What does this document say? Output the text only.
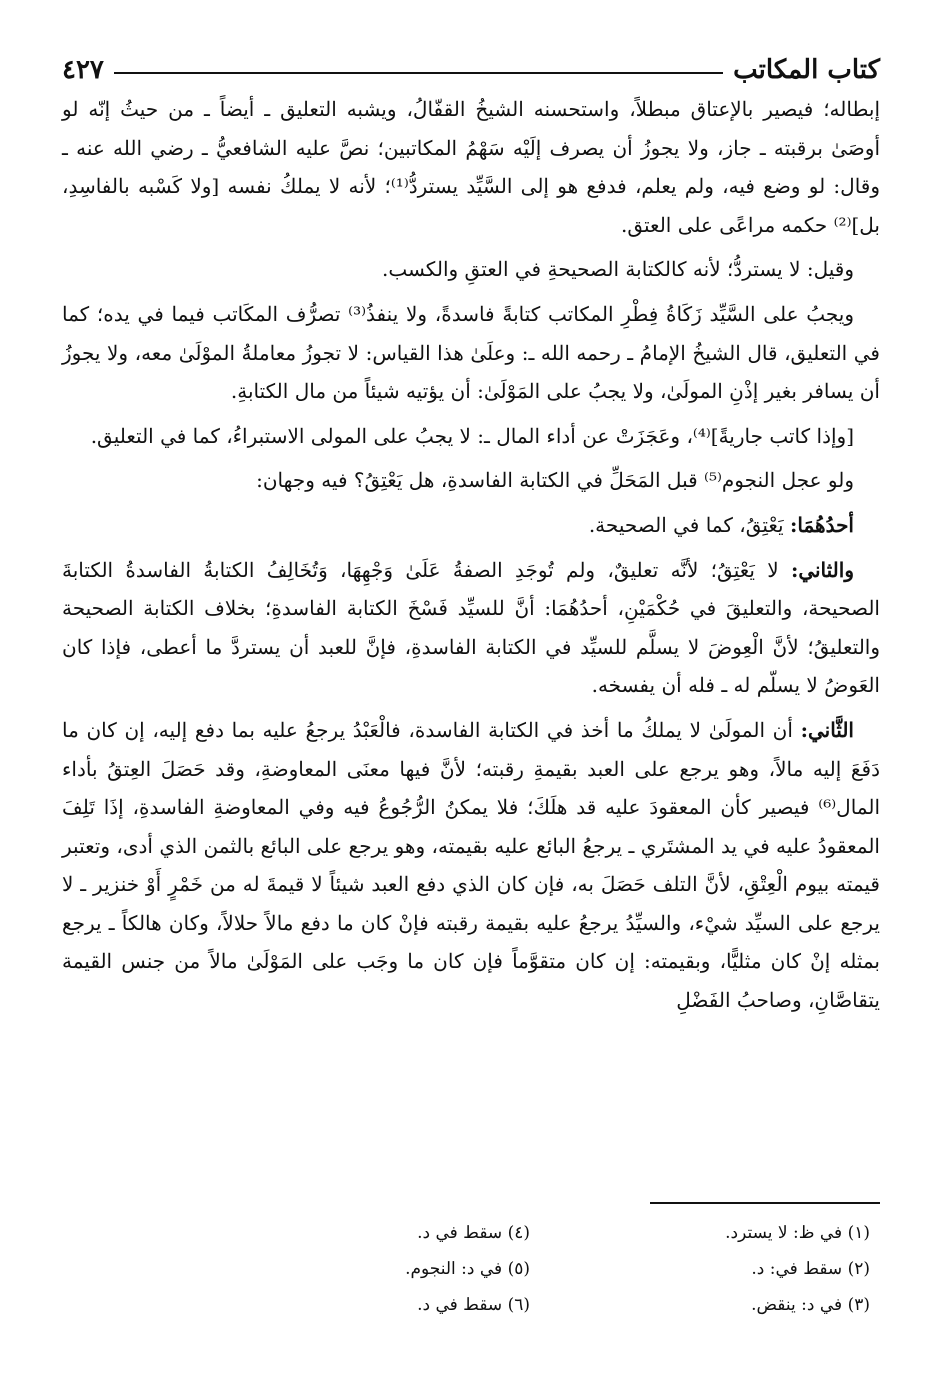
كتاب المكاتب
٤٢٧

إبطاله؛ فيصير بالإعتاق مبطلاً، واستحسنه الشيخُ القفّالُ، ويشبه التعليق ـ أيضاً ـ من حيثُ إنّه لو أوصَىٰ برقبته ـ جاز، ولا يجوزُ أن يصرف إلَيْه سَهْمُ المكاتبين؛ نصَّ عليه الشافعيُّ ـ رضي الله عنه ـ وقال: لو وضع فيه، ولم يعلم، فدفع هو إلى السَّيِّد يستردُّ⁽¹⁾؛ لأنه لا يملكُ نفسه [ولا كَسْبه بالفاسِدِ، بل]⁽²⁾ حكمه مراعًى على العتق.

وقيل: لا يستردُّ؛ لأنه كالكتابة الصحيحةِ في العتقِ والكسب.

ويجبُ على السَّيِّد زَكَاةُ فِطْرِ المكاتب كتابةً فاسدةً، ولا ينفذُ⁽³⁾ تصرُّف المكَاتب فيما في يده؛ كما في التعليق، قال الشيخُ الإمامُ ـ رحمه الله ـ: وعلَىٰ هذا القياس: لا تجوزُ معاملةُ الموْلَىٰ معه، ولا يجوزُ أن يسافر بغير إذْنِ المولَىٰ، ولا يجبُ على المَوْلَىٰ: أن يؤتيه شيئاً من مال الكتابةِ.

[وإذا كاتب جاريةً]⁽⁴⁾، وعَجَزَتْ عن أداء المال ـ: لا يجبُ على المولى الاستبراءُ، كما في التعليق.

ولو عجل النجوم⁽⁵⁾ قبل المَحَلِّ في الكتابة الفاسدةِ، هل يَعْتِقُ؟ فيه وجهان:

أحدُهُمَا: يَعْتِقُ، كما في الصحيحة.

والثاني: لا يَعْتِقُ؛ لأنَّه تعليقٌ، ولم تُوجَدِ الصفةُ عَلَىٰ وَجْهِهَا، وَتُخَالِفُ الكتابةُ الفاسدةُ الكتابةَ الصحيحة، والتعليقَ في حُكْمَيْنِ، أحدُهُمَا: أنَّ للسيِّد فَسْخَ الكتابة الفاسدةِ؛ بخلاف الكتابة الصحيحة والتعليقُ؛ لأنَّ الْعِوضَ لا يسلَّم للسيِّد في الكتابة الفاسدةِ، فإنَّ للعبد أن يستردَّ ما أعطى، فإذا كان العَوضُ لا يسلّم له ـ فله أن يفسخه.

الثَّاني: أن المولَىٰ لا يملكُ ما أخذ في الكتابة الفاسدة، فالْعَبْدُ يرجعُ عليه بما دفع إليه، إن كان ما دَفَعَ إليه مالاً، وهو يرجع على العبد بقيمةِ رقبته؛ لأنَّ فيها معنَى المعاوضةِ، وقد حَصَلَ العِتقُ بأداء المال⁽⁶⁾ فيصير كأن المعقودَ عليه قد هلَكَ؛ فلا يمكنُ الرُّجُوعُ فيه وفي المعاوضةِ الفاسدةِ، إذَا تَلِفَ المعقودُ عليه في يد المشتَري ـ يرجعُ البائع عليه بقيمته، وهو يرجع على البائع بالثمن الذي أدى، وتعتبر قيمته بيوم الْعِتْقِ، لأنَّ التلف حَصَلَ به، فإن كان الذي دفع العبد شيئاً لا قيمةَ له من خَمْرٍ أَوْ خنزير ـ لا يرجع على السيِّد شيْء، والسيِّدُ يرجعُ عليه بقيمة رقبته فإنْ كان ما دفع مالاً حلالاً، وكان هالكاً ـ يرجع بمثله إنْ كان مثليًّا، وبقيمته: إن كان متقوَّماً فإن كان ما وجَب على المَوْلَىٰ مالاً من جنس القيمة يتقاصَّانِ، وصاحبُ الفَضْلِ

(١) في ظ: لا يسترد.
(٢) سقط في: د.
(٣) في د: ينقض.
(٤) سقط في د.
(٥) في د: النجوم.
(٦) سقط في د.
